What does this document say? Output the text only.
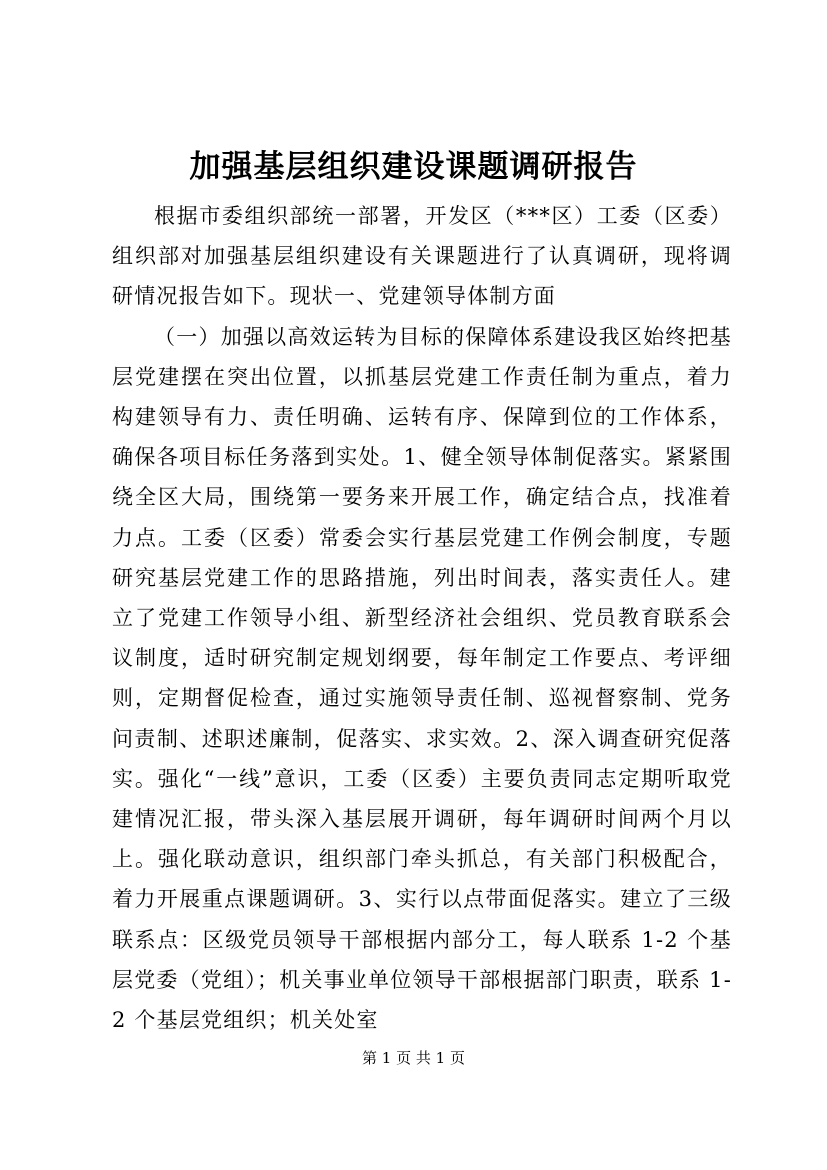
加强基层组织建设课题调研报告

根据市委组织部统一部署，开发区（***区）工委（区委）组织部对加强基层组织建设有关课题进行了认真调研，现将调研情况报告如下。现状一、党建领导体制方面

（一）加强以高效运转为目标的保障体系建设我区始终把基层党建摆在突出位置，以抓基层党建工作责任制为重点，着力构建领导有力、责任明确、运转有序、保障到位的工作体系，确保各项目标任务落到实处。1、健全领导体制促落实。紧紧围绕全区大局，围绕第一要务来开展工作，确定结合点，找准着力点。工委（区委）常委会实行基层党建工作例会制度，专题研究基层党建工作的思路措施，列出时间表，落实责任人。建立了党建工作领导小组、新型经济社会组织、党员教育联系会议制度，适时研究制定规划纲要，每年制定工作要点、考评细则，定期督促检查，通过实施领导责任制、巡视督察制、党务问责制、述职述廉制，促落实、求实效。2、深入调查研究促落实。强化“一线”意识，工委（区委）主要负责同志定期听取党建情况汇报，带头深入基层展开调研，每年调研时间两个月以上。强化联动意识，组织部门牵头抓总，有关部门积极配合，着力开展重点课题调研。3、实行以点带面促落实。建立了三级联系点：区级党员领导干部根据内部分工，每人联系 1-2 个基层党委（党组）；机关事业单位领导干部根据部门职责，联系 1-2 个基层党组织；机关处室

第 1 页 共 1 页
